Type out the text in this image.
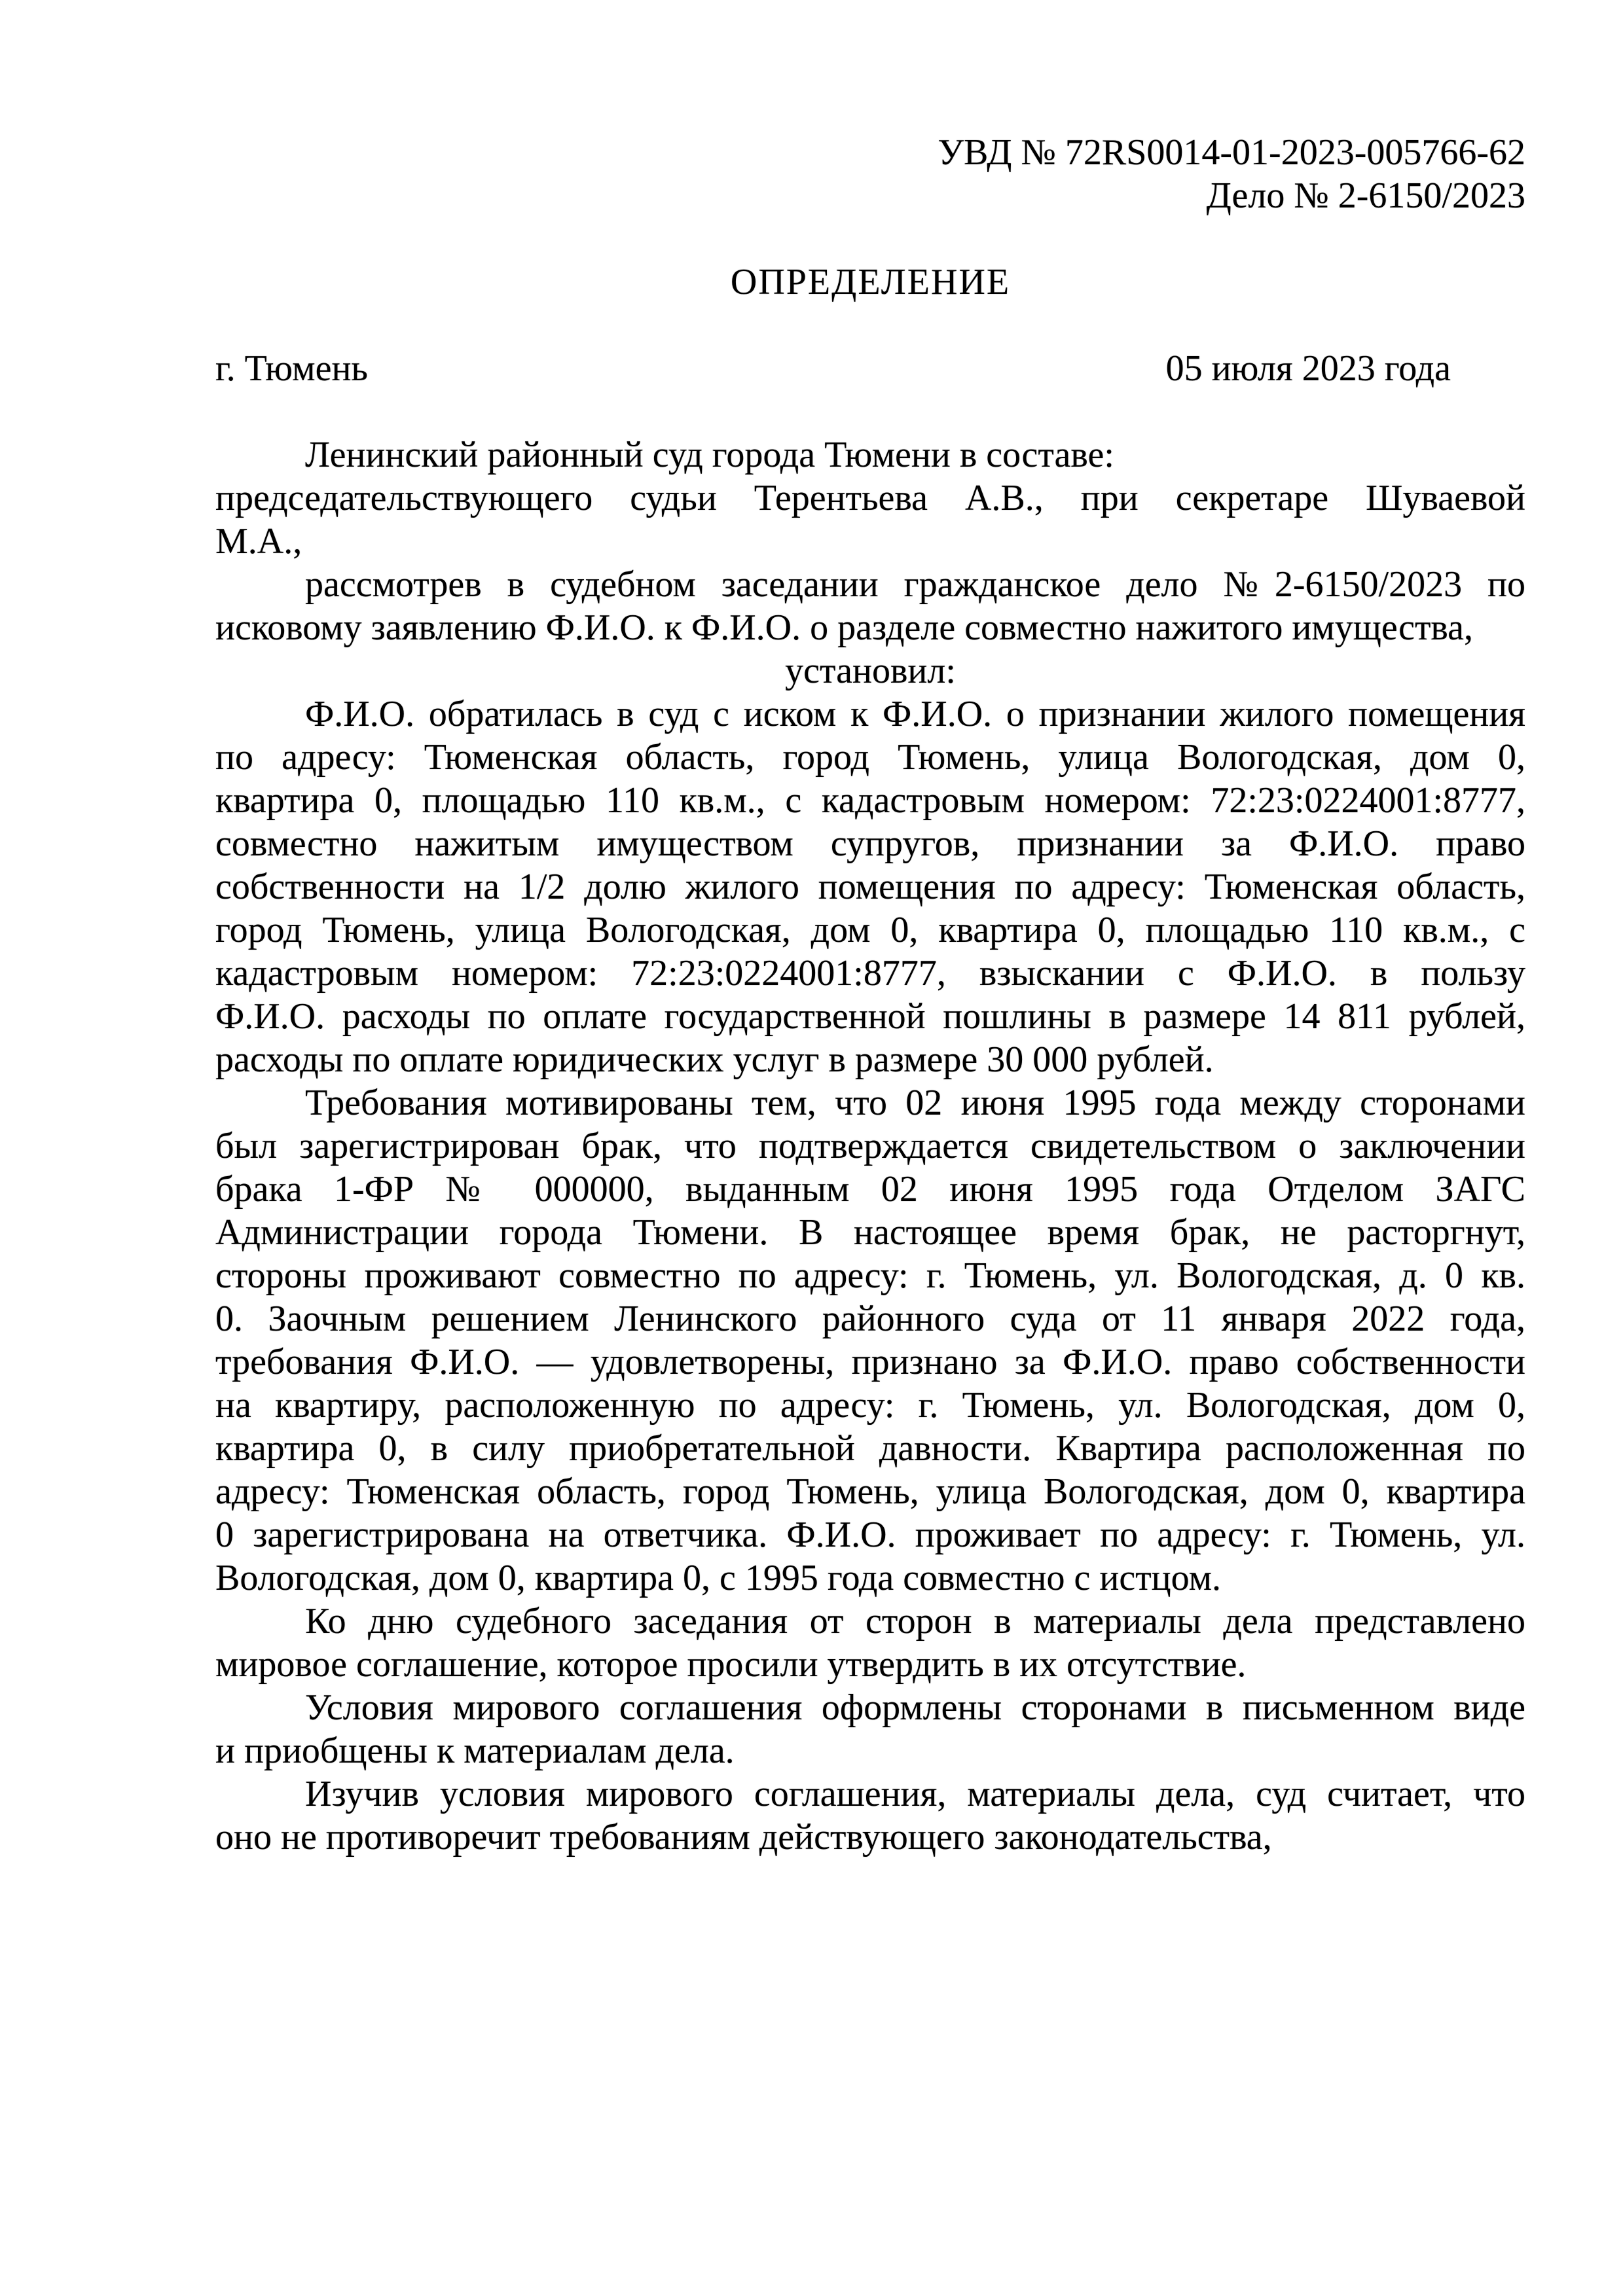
УВД № 72RS0014-01-2023-005766-62
Дело № 2-6150/2023
ОПРЕДЕЛЕНИЕ
г. Тюмень	05 июля 2023 года
Ленинский районный суд города Тюмени в составе:
председательствующего судьи Терентьева А.В., при секретаре Шуваевой
М.А.,
рассмотрев в судебном заседании гражданское дело №2-6150/2023 по
исковому заявлению Ф.И.О. к Ф.И.О. о разделе совместно нажитого имущества,
установил:
Ф.И.О. обратилась в суд с иском к Ф.И.О. о признании жилого помещения
по адресу: Тюменская область, город Тюмень, улица Вологодская, дом 0,
квартира 0, площадью 110 кв.м., с кадастровым номером: 72:23:0224001:8777,
совместно нажитым имуществом супругов, признании за Ф.И.О. право
собственности на 1/2 долю жилого помещения по адресу: Тюменская область,
город Тюмень, улица Вологодская, дом 0, квартира 0, площадью 110 кв.м., с
кадастровым номером: 72:23:0224001:8777, взыскании с Ф.И.О. в пользу
Ф.И.О. расходы по оплате государственной пошлины в размере 14 811 рублей,
расходы по оплате юридических услуг в размере 30 000 рублей.
Требования мотивированы тем, что 02 июня 1995 года между сторонами
был зарегистрирован брак, что подтверждается свидетельством о заключении
брака 1-ФР № 000000, выданным 02 июня 1995 года Отделом ЗАГС
Администрации города Тюмени. В настоящее время брак, не расторгнут,
стороны проживают совместно по адресу: г. Тюмень, ул. Вологодская, д. 0 кв.
0. Заочным решением Ленинского районного суда от 11 января 2022 года,
требования Ф.И.О. — удовлетворены, признано за Ф.И.О. право собственности
на квартиру, расположенную по адресу: г. Тюмень, ул. Вологодская, дом 0,
квартира 0, в силу приобретательной давности. Квартира расположенная по
адресу: Тюменская область, город Тюмень, улица Вологодская, дом 0, квартира
0 зарегистрирована на ответчика. Ф.И.О. проживает по адресу: г. Тюмень, ул.
Вологодская, дом 0, квартира 0, с 1995 года совместно с истцом.
Ко дню судебного заседания от сторон в материалы дела представлено
мировое соглашение, которое просили утвердить в их отсутствие.
Условия мирового соглашения оформлены сторонами в письменном виде
и приобщены к материалам дела.
Изучив условия мирового соглашения, материалы дела, суд считает, что
оно не противоречит требованиям действующего законодательства,
